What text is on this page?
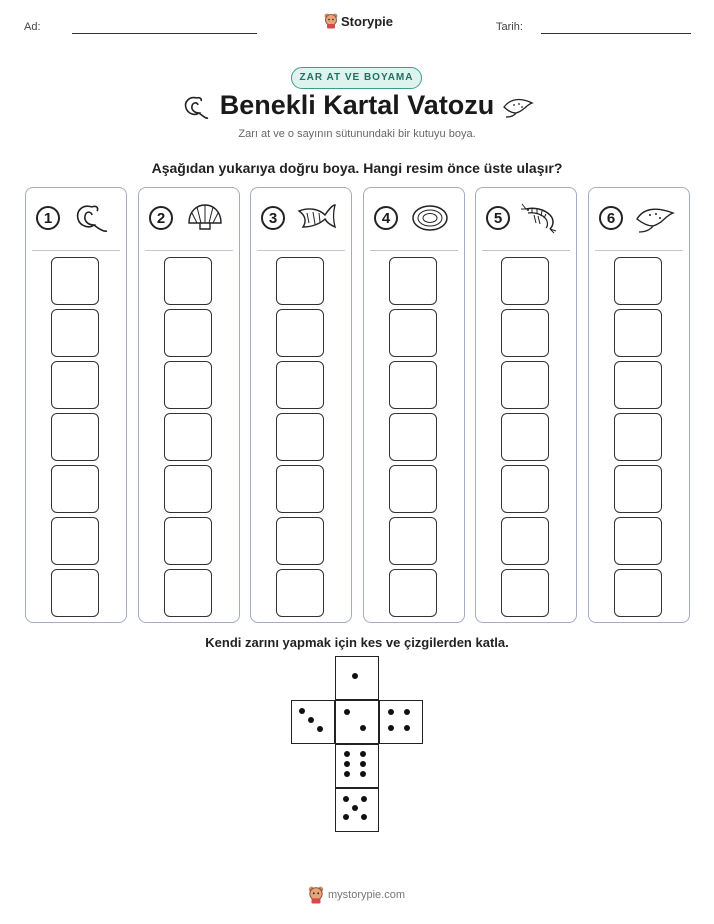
Ad:	Storypie	Tarih:
ZAR AT VE BOYAMA
Benekli Kartal Vatozu
Zarı at ve o sayının sütunundaki bir kutuyu boya.
Aşağıdan yukarıya doğru boya. Hangi resim önce üste ulaşır?
1	2	3	4	5	6
Kendi zarını yapmak için kes ve çizgilerden katla.
mystorypie.com
